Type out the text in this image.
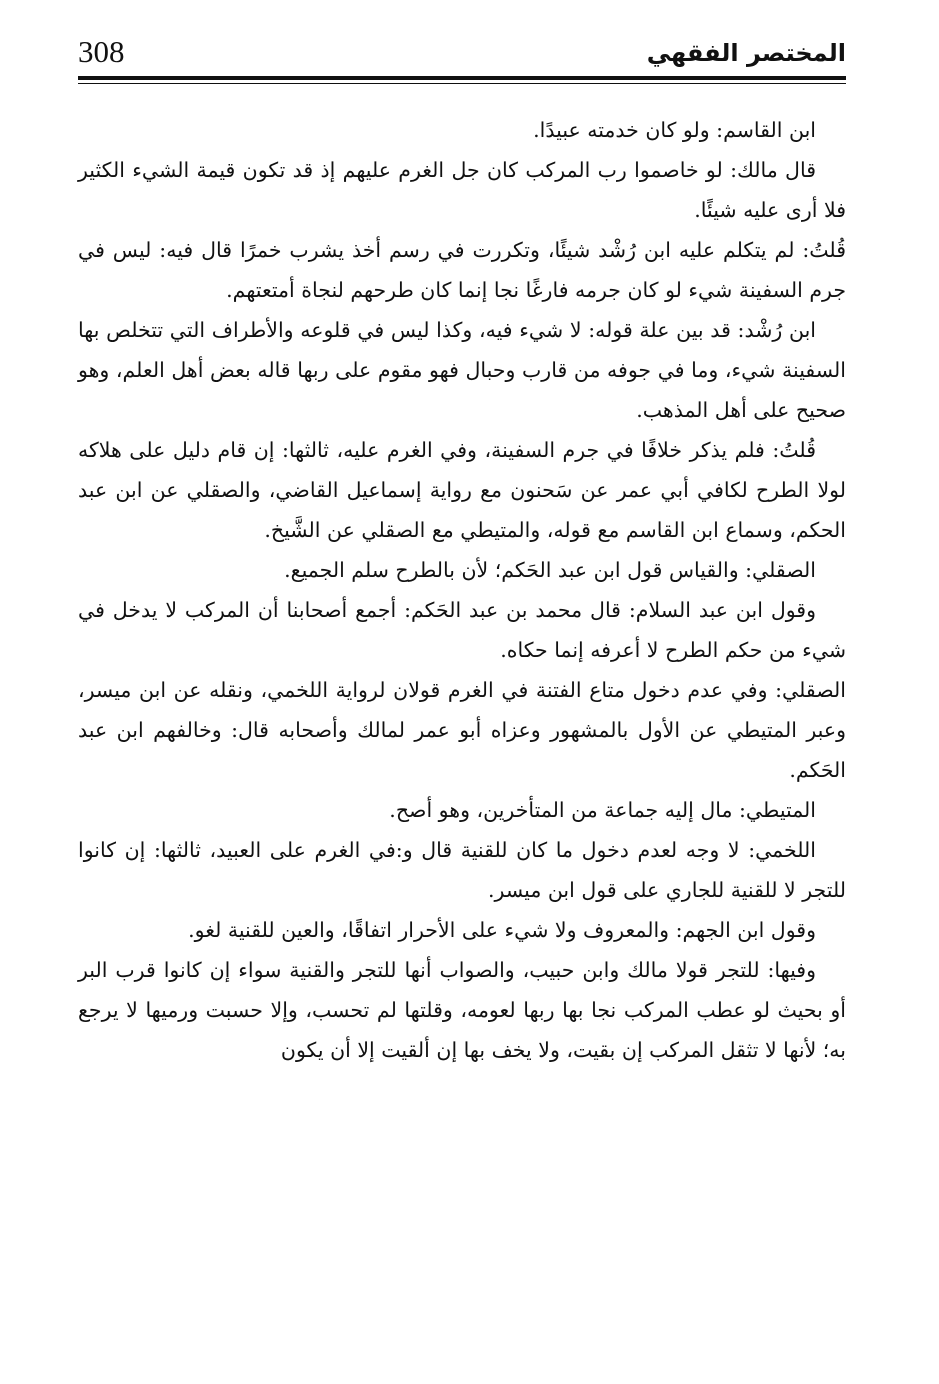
308	المختصر الفقهي

ابن القاسم: ولو كان خدمته عبيدًا.

قال مالك: لو خاصموا رب المركب كان جل الغرم عليهم إذ قد تكون قيمة الشيء الكثير فلا أرى عليه شيئًا.

قُلتُ: لم يتكلم عليه ابن رُشْد شيئًا، وتكررت في رسم أخذ يشرب خمرًا قال فيه: ليس في جرم السفينة شيء لو كان جرمه فارغًا نجا إنما كان طرحهم لنجاة أمتعتهم.

ابن رُشْد: قد بين علة قوله: لا شيء فيه، وكذا ليس في قلوعه والأطراف التي تتخلص بها السفينة شيء، وما في جوفه من قارب وحبال فهو مقوم على ربها قاله بعض أهل العلم، وهو صحيح على أهل المذهب.

قُلتُ: فلم يذكر خلافًا في جرم السفينة، وفي الغرم عليه، ثالثها: إن قام دليل على هلاكه لولا الطرح لكافي أبي عمر عن سَحنون مع رواية إسماعيل القاضي، والصقلي عن ابن عبد الحكم، وسماع ابن القاسم مع قوله، والمتيطي مع الصقلي عن الشَّيخ.

الصقلي: والقياس قول ابن عبد الحَكم؛ لأن بالطرح سلم الجميع.

وقول ابن عبد السلام: قال محمد بن عبد الحَكم: أجمع أصحابنا أن المركب لا يدخل في شيء من حكم الطرح لا أعرفه إنما حكاه.

الصقلي: وفي عدم دخول متاع الفتنة في الغرم قولان لرواية اللخمي، ونقله عن ابن ميسر، وعبر المتيطي عن الأول بالمشهور وعزاه أبو عمر لمالك وأصحابه قال: وخالفهم ابن عبد الحَكم.

المتيطي: مال إليه جماعة من المتأخرين، وهو أصح.

اللخمي: لا وجه لعدم دخول ما كان للقنية قال و:في الغرم على العبيد، ثالثها: إن كانوا للتجر لا للقنية للجاري على قول ابن ميسر.

وقول ابن الجهم: والمعروف ولا شيء على الأحرار اتفاقًا، والعين للقنية لغو.

وفيها: للتجر قولا مالك وابن حبيب، والصواب أنها للتجر والقنية سواء إن كانوا قرب البر أو بحيث لو عطب المركب نجا بها ربها لعومه، وقلتها لم تحسب، وإلا حسبت ورميها لا يرجع به؛ لأنها لا تثقل المركب إن بقيت، ولا يخف بها إن ألقيت إلا أن يكون
